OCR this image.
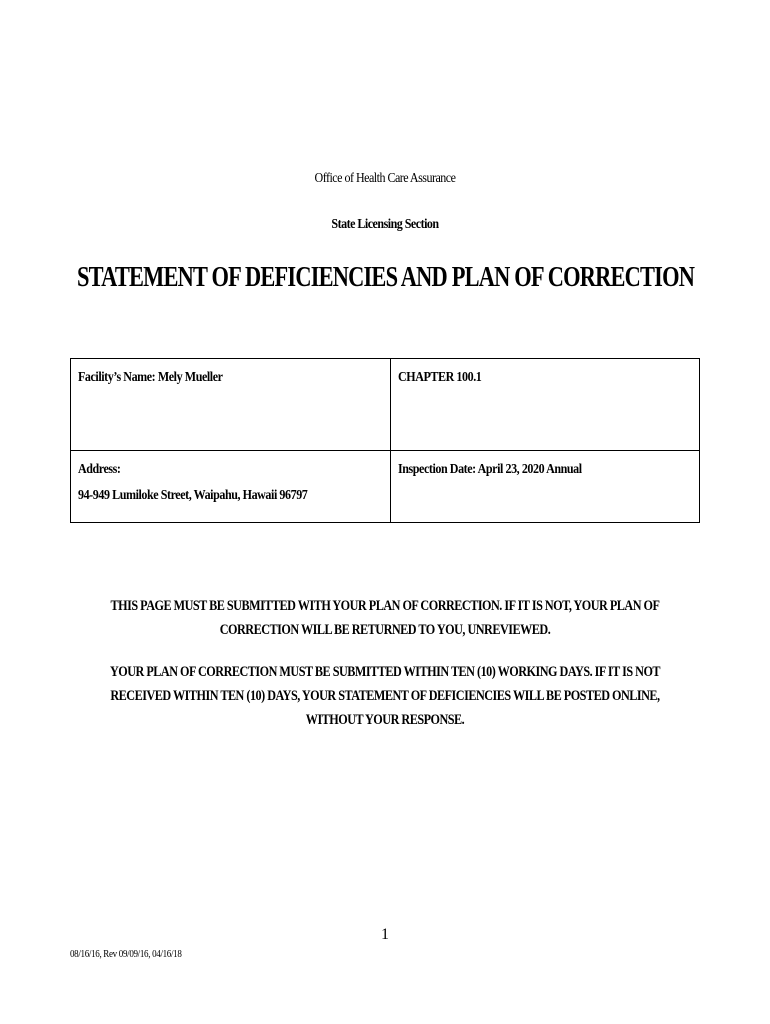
Office of Health Care Assurance
State Licensing Section
STATEMENT OF DEFICIENCIES AND PLAN OF CORRECTION
Facility’s Name: Mely Mueller	CHAPTER 100.1

Address:
94-949 Lumiloke Street, Waipahu, Hawaii 96797	Inspection Date: April 23, 2020 Annual
THIS PAGE MUST BE SUBMITTED WITH YOUR PLAN OF CORRECTION. IF IT IS NOT, YOUR PLAN OF
CORRECTION WILL BE RETURNED TO YOU, UNREVIEWED.
YOUR PLAN OF CORRECTION MUST BE SUBMITTED WITHIN TEN (10) WORKING DAYS. IF IT IS NOT
RECEIVED WITHIN TEN (10) DAYS, YOUR STATEMENT OF DEFICIENCIES WILL BE POSTED ONLINE,
WITHOUT YOUR RESPONSE.
1
08/16/16, Rev 09/09/16, 04/16/18
